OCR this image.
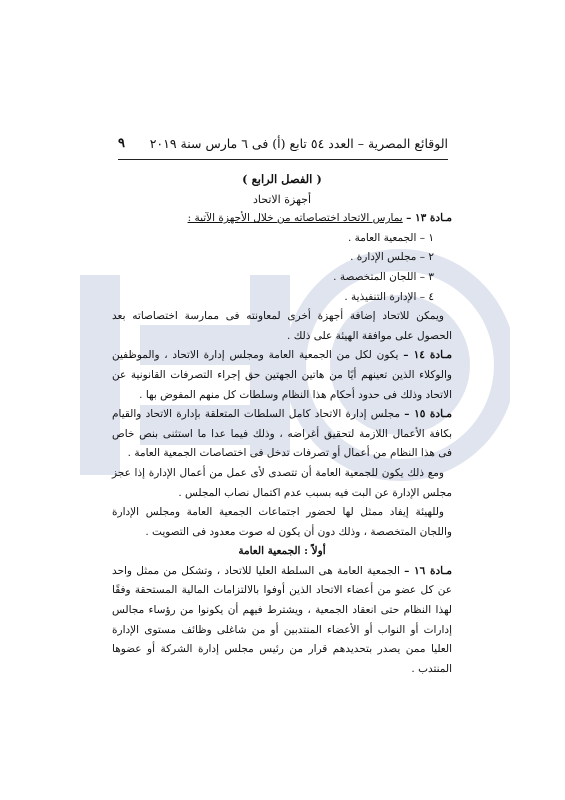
الوقائع المصرية – العدد ٥٤ تابع (أ) فى ٦ مارس سنة ٢٠١٩
٩
( الفصل الرابع )
أجهزة الاتحاد
مـادة ١٣ – يمارس الاتحاد اختصاصاته من خلال الأجهزة الآتية :
١ – الجمعية العامة .
٢ – مجلس الإدارة .
٣ – اللجان المتخصصة .
٤ – الإدارة التنفيذية .
ويمكن للاتحاد إضافة أجهزة أخرى لمعاونته فى ممارسة اختصاصاته بعد الحصول على موافقة الهيئة على ذلك .
مـادة ١٤ – يكون لكل من الجمعية العامة ومجلس إدارة الاتحاد ، والموظفين والوكلاء الذين تعينهم أيًا من هاتين الجهتين حق إجراء التصرفات القانونية عن الاتحاد وذلك فى حدود أحكام هذا النظام وسلطات كل منهم المفوض بها .
مـادة ١٥ – مجلس إدارة الاتحاد كامل السلطات المتعلقة بإدارة الاتحاد والقيام بكافة الأعمال اللازمة لتحقيق أغراضه ، وذلك فيما عدا ما استثنى بنص خاص فى هذا النظام من أعمال أو تصرفات تدخل فى اختصاصات الجمعية العامة .
ومع ذلك يكون للجمعية العامة أن تتصدى لأى عمل من أعمال الإدارة إذا عجز مجلس الإدارة عن البت فيه بسبب عدم اكتمال نصاب المجلس .
وللهيئة إيفاد ممثل لها لحضور اجتماعات الجمعية العامة ومجلس الإدارة واللجان المتخصصة ، وذلك دون أن يكون له صوت معدود فى التصويت .
أولاً : الجمعية العامة
مـادة ١٦ – الجمعية العامة هى السلطة العليا للاتحاد ، وتشكل من ممثل واحد عن كل عضو من أعضاء الاتحاد الذين أوفوا بالالتزامات المالية المستحقة وفقًا لهذا النظام حتى انعقاد الجمعية ، ويشترط فيهم أن يكونوا من رؤساء مجالس إدارات أو النواب أو الأعضاء المنتدبين أو من شاغلى وظائف مستوى الإدارة العليا ممن يصدر بتحديدهم قرار من رئيس مجلس إدارة الشركة أو عضوها المنتدب .
